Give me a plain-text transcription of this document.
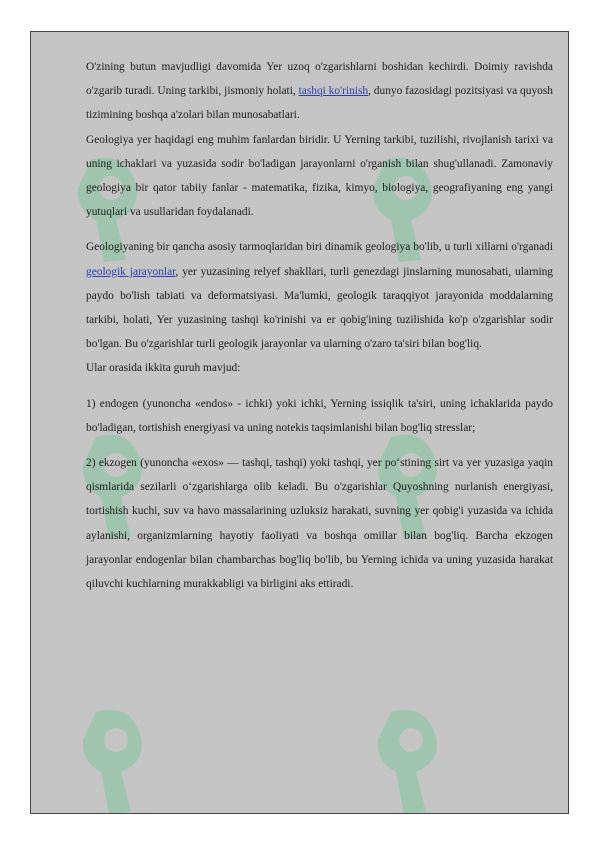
O'zining butun mavjudligi davomida Yer uzoq o'zgarishlarni boshidan kechirdi. Doimiy ravishda o'zgarib turadi. Uning tarkibi, jismoniy holati, tashqi ko'rinish, dunyo fazosidagi pozitsiyasi va quyosh tizimining boshqa a'zolari bilan munosabatlari.

Geologiya yer haqidagi eng muhim fanlardan biridir. U Yerning tarkibi, tuzilishi, rivojlanish tarixi va uning ichaklari va yuzasida sodir bo'ladigan jarayonlarni o'rganish bilan shug'ullanadi. Zamonaviy geologiya bir qator tabiiy fanlar - matematika, fizika, kimyo, biologiya, geografiyaning eng yangi yutuqlari va usullaridan foydalanadi.

Geologiyaning bir qancha asosiy tarmoqlaridan biri dinamik geologiya bo'lib, u turli xillarni o'rganadi geologik jarayonlar, yer yuzasining relyef shakllari, turli genezdagi jinslarning munosabati, ularning paydo bo'lish tabiati va deformatsiyasi. Ma'lumki, geologik taraqqiyot jarayonida moddalarning tarkibi, holati, Yer yuzasining tashqi ko'rinishi va er qobig'ining tuzilishida ko'p o'zgarishlar sodir bo'lgan. Bu o'zgarishlar turli geologik jarayonlar va ularning o'zaro ta'siri bilan bog'liq.

Ular orasida ikkita guruh mavjud:

1) endogen (yunoncha «endos» - ichki) yoki ichki, Yerning issiqlik ta'siri, uning ichaklarida paydo bo'ladigan, tortishish energiyasi va uning notekis taqsimlanishi bilan bog'liq stresslar;

2) ekzogen (yunoncha «exos» — tashqi, tashqi) yoki tashqi, yer po‘stining sirt va yer yuzasiga yaqin qismlarida sezilarli o‘zgarishlarga olib keladi. Bu o'zgarishlar Quyoshning nurlanish energiyasi, tortishish kuchi, suv va havo massalarining uzluksiz harakati, suvning yer qobig'i yuzasida va ichida aylanishi, organizmlarning hayotiy faoliyati va boshqa omillar bilan bog'liq. Barcha ekzogen jarayonlar endogenlar bilan chambarchas bog'liq bo'lib, bu Yerning ichida va uning yuzasida harakat qiluvchi kuchlarning murakkabligi va birligini aks ettiradi.
